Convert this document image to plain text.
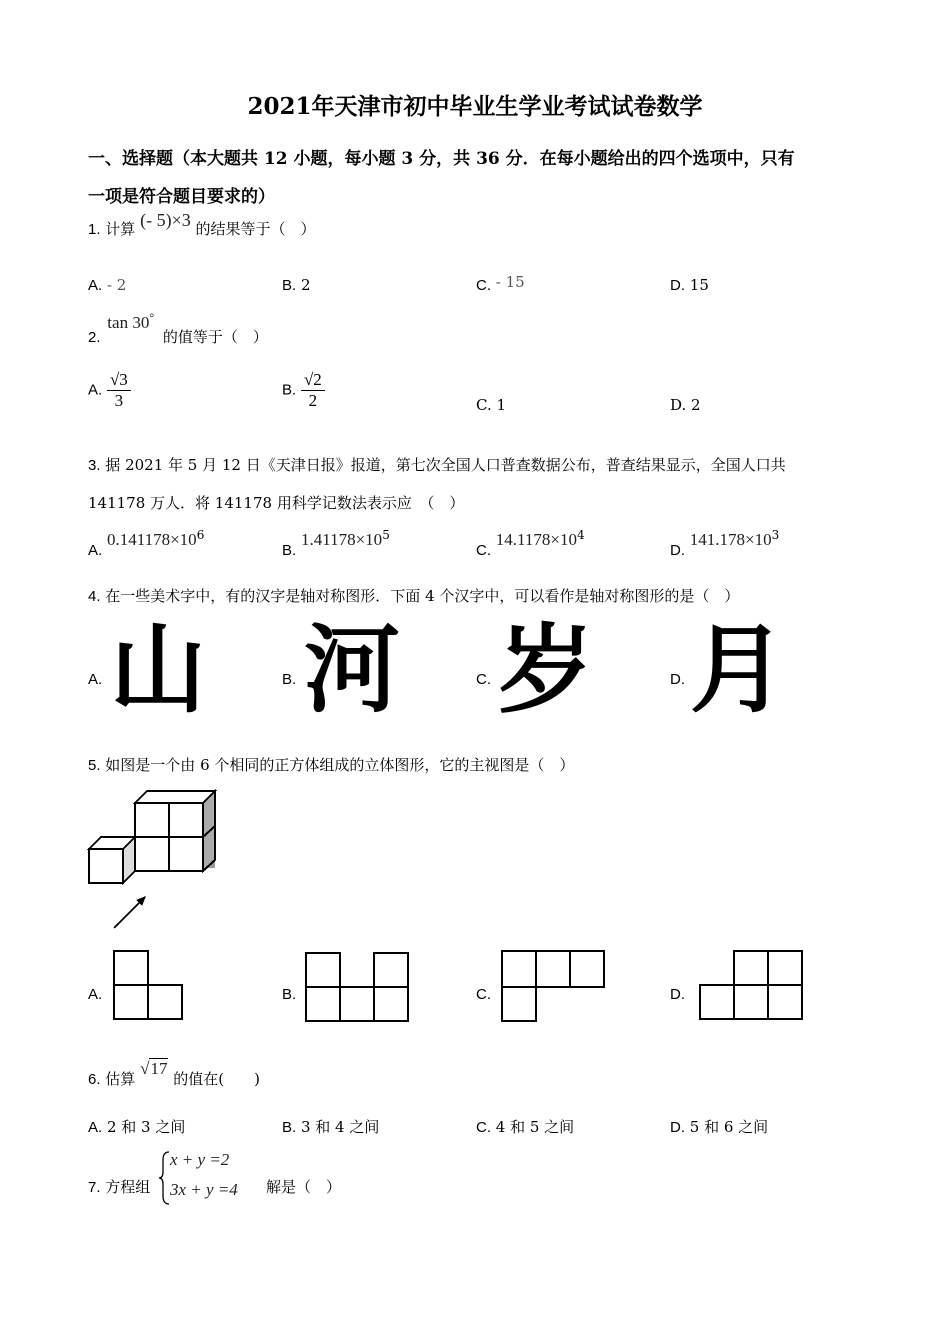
2021年天津市初中毕业生学业考试试卷数学
一、选择题（本大题共 12 小题，每小题 3 分，共 36 分．在每小题给出的四个选项中，只有
一项是符合题目要求的）
1. 计算 (- 5)×3 的结果等于（　）
A. - 2	B. 2	C. - 15	D. 15
2. tan 30° 的值等于（　）
A. $\frac{√3}{3}$	B. $\frac{√2}{2}$	C. 1	D. 2
3. 据 2021 年 5 月 12 日《天津日报》报道，第七次全国人口普查数据公布，普查结果显示，全国人口共
141178 万人．将 141178 用科学记数法表示应　（　）
A. $0.141178\times 10^6$
B. $1.41178\times 10^5$
C. $14.1178\times 10^4$
D. $141.178\times 10^3$
4. 在一些美术字中，有的汉字是轴对称图形．下面 4 个汉字中，可以看作是轴对称图形的是（　）
A. 山	B. 河	C. 岁	D. 月
5. 如图是一个由 6 个相同的正方体组成的立体图形，它的主视图是（　）
A.	B.	C.	D.
6. 估算 √17 的值在(　　)
A. 2 和 3 之间	B. 3 和 4 之间	C. 4 和 5 之间	D. 5 和 6 之间
7. 方程组
x + y =2
3x + y =4 解是（　）
